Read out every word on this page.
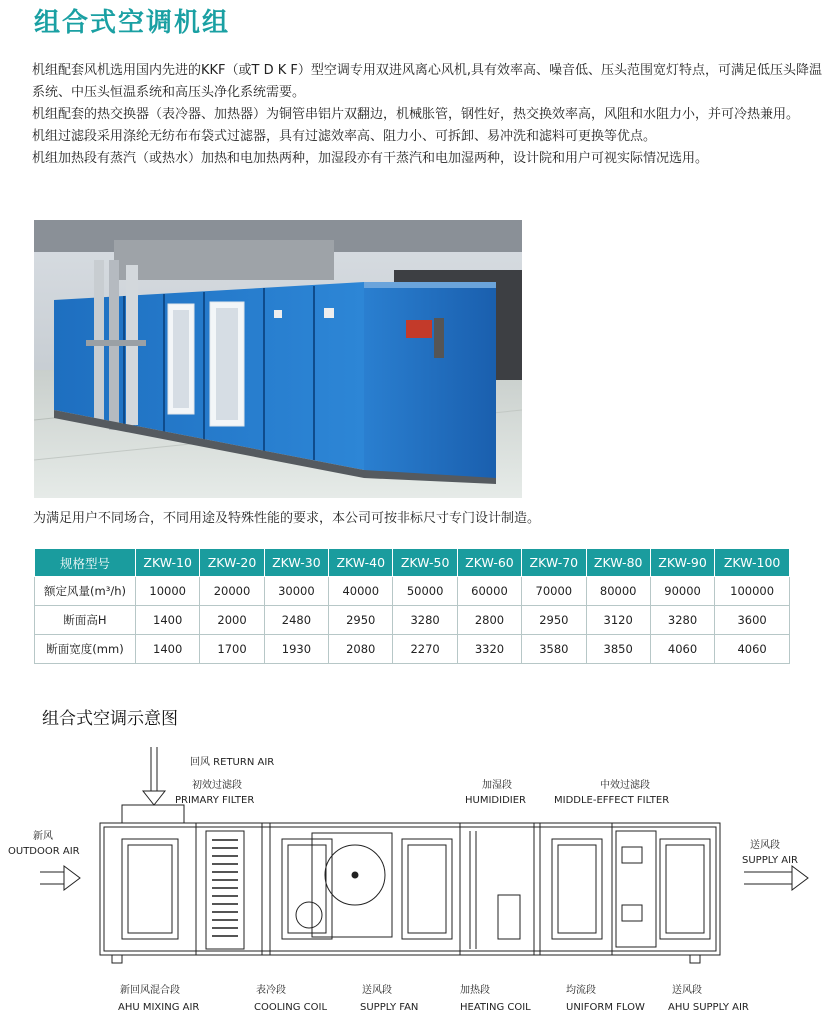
组合式空调机组

机组配套风机选用国内先进的KKF（或T D K F）型空调专用双进风离心风机,具有效率高、噪音低、压头范围宽灯特点，可满足低压头降温系统、中压头恒温系统和高压头净化系统需要。

机组配套的热交换器（表冷器、加热器）为铜管串铝片双翻边，机械胀管，钢性好，热交换效率高，风阻和水阻力小，并可冷热兼用。

机组过滤段采用涤纶无纺布布袋式过滤器，具有过滤效率高、阻力小、可拆卸、易冲洗和滤料可更换等优点。

机组加热段有蒸汽（或热水）加热和电加热两种，加湿段亦有干蒸汽和电加湿两种，设计院和用户可视实际情况选用。

为满足用户不同场合，不同用途及特殊性能的要求，本公司可按非标尺寸专门设计制造。
规格型号	ZKW-10	ZKW-20	ZKW-30	ZKW-40	ZKW-50	ZKW-60	ZKW-70	ZKW-80	ZKW-90	ZKW-100
额定风量(m³/h)	10000	20000	30000	40000	50000	60000	70000	80000	90000	100000
断面高H	1400	2000	2480	2950	3280	2800	2950	3120	3280	3600
断面宽度(mm)	1400	1700	1930	2080	2270	3320	3580	3850	4060	4060
组合式空调示意图
回风 RETURN AIR
初效过滤段
PRIMARY FILTER
新风
OUTDOOR AIR
加湿段
HUMIDIDIER
中效过滤段
MIDDLE-EFFECT FILTER
送风段
SUPPLY AIR
新回风混合段
AHU MIXING AIR
表冷段
COOLING COIL
送风段
SUPPLY FAN
加热段
HEATING COIL
均流段
UNIFORM FLOW
送风段
AHU SUPPLY AIR
